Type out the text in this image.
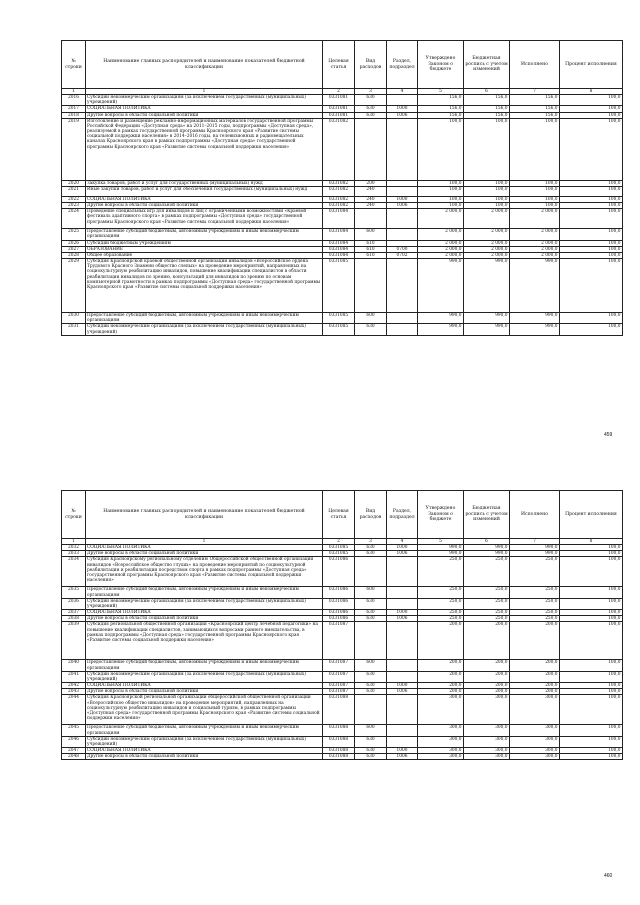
№ строки	Наименование главных распорядителей и наименование показателей бюджетной классификации	Целевая статья	Вид расходов	Раздел, подраздел	Утверждено Законом о бюджете	Бюджетная роспись с учетом изменений	Исполнено	Процент исполнения
1	1	2	3	4	5	6	7	8
2016	Субсидии некоммерческим организациям (за исключением государственных (муниципальных) учреждений)	0331081	630		156,0	156,0	156,0	100,0
2017	СОЦИАЛЬНАЯ ПОЛИТИКА	0331081	630	1000	156,0	156,0	156,0	100,0
2018	Другие вопросы в области социальной политики	0331081	630	1006	156,0	156,0	156,0	100,0
2019	Изготовление и размещение рекламно-информационных материалов государственной программы Российской Федерации «Доступная среда» на 2011–2015 годы, подпрограммы «Доступная среда», реализуемой в рамках государственной программы Красноярского края «Развитие системы социальной поддержки населения» в 2014–2016 годы, на телевизионных и радиовещательных каналах Красноярского края в рамках подпрограммы «Доступная среда» государственной программы Красноярского края «Развитие системы социальной поддержки населения»	0331082			100,0	100,0	100,0	100,0
2020	Закупка товаров, работ и услуг для государственных (муниципальных) нужд	0331082	200		100,0	100,0	100,0	100,0
2021	Иные закупки товаров, работ и услуг для обеспечения государственных (муниципальных) нужд	0331082	240		100,0	100,0	100,0	100,0
2022	СОЦИАЛЬНАЯ ПОЛИТИКА	0331082	240	1000	100,0	100,0	100,0	100,0
2023	Другие вопросы в области социальной политики	0331082	240	1006	100,0	100,0	100,0	100,0
2024	Проведение специальных игр для инвалидов и лиц с ограниченными возможностями «Краевой фестиваль адаптивного спорта» в рамках подпрограммы «Доступная среда» государственной программы Красноярского края «Развитие системы социальной поддержки населения»	0331084			2 000,0	2 000,0	2 000,0	100,0
2025	Предоставление субсидий бюджетным, автономным учреждениям и иным некоммерческим организациям	0331084	600		2 000,0	2 000,0	2 000,0	100,0
2026	Субсидии бюджетным учреждениям	0331084	610		2 000,0	2 000,0	2 000,0	100,0
2027	ОБРАЗОВАНИЕ	0331084	610	0700	2 000,0	2 000,0	2 000,0	100,0
2028	Общее образование	0331084	610	0702	2 000,0	2 000,0	2 000,0	100,0
2029	Субсидия Красноярской краевой общественной организации инвалидов «Всероссийское ордена Трудового Красного Знамени общество слепых» на проведение мероприятий, направленных на социокультурную реабилитацию инвалидов, повышение квалификации специалистов в области реабилитации инвалидов по зрению, консультаций для инвалидов по зрению по основам компьютерной грамотности в рамках подпрограммы «Доступная среда» государственной программы Красноярского края «Развитие системы социальной поддержки населения»	0331085			990,0	990,0	990,0	100,0
2030	Предоставление субсидий бюджетным, автономным учреждениям и иным некоммерческим организациям	0331085	600		990,0	990,0	990,0	100,0
2031	Субсидии некоммерческим организациям (за исключением государственных (муниципальных) учреждений)	0331085	630		990,0	990,0	990,0	100,0
459
№ строки	Наименование главных распорядителей и наименование показателей бюджетной классификации	Целевая статья	Вид расходов	Раздел, подраздел	Утверждено Законом о бюджете	Бюджетная роспись с учетом изменений	Исполнено	Процент исполнения
1	1	2	3	4	5	6	7	8
2032	СОЦИАЛЬНАЯ ПОЛИТИКА	0331085	630	1000	990,0	990,0	990,0	100,0
2033	Другие вопросы в области социальной политики	0331085	630	1006	990,0	990,0	990,0	100,0
2034	Субсидия Красноярскому региональному отделению Общероссийской общественной организации инвалидов «Всероссийское общество глухих» на проведение мероприятий по социокультурной реабилитации и реабилитации посредством спорта в рамках подпрограммы «Доступная среда» государственной программы Красноярского края «Развитие системы социальной поддержки населения»	0331086			250,0	250,0	250,0	100,0
2035	Предоставление субсидий бюджетным, автономным учреждениям и иным некоммерческим организациям	0331086	600		250,0	250,0	250,0	100,0
2036	Субсидии некоммерческим организациям (за исключением государственных (муниципальных) учреждений)	0331086	630		250,0	250,0	250,0	100,0
2037	СОЦИАЛЬНАЯ ПОЛИТИКА	0331086	630	1000	250,0	250,0	250,0	100,0
2038	Другие вопросы в области социальной политики	0331086	630	1006	250,0	250,0	250,0	100,0
2039	Субсидия региональной общественной организации «Красноярский центр лечебной педагогики» на повышение квалификации специалистов, занимающихся вопросами раннего вмешательства, в рамках подпрограммы «Доступная среда» государственной программы Красноярского края «Развитие системы социальной поддержки населения»	0331087			200,0	200,0	200,0	100,0
2040	Предоставление субсидий бюджетным, автономным учреждениям и иным некоммерческим организациям	0331087	600		200,0	200,0	200,0	100,0
2041	Субсидии некоммерческим организациям (за исключением государственных (муниципальных) учреждений)	0331087	630		200,0	200,0	200,0	100,0
2042	СОЦИАЛЬНАЯ ПОЛИТИКА	0331087	630	1000	200,0	200,0	200,0	100,0
2043	Другие вопросы в области социальной политики	0331087	630	1006	200,0	200,0	200,0	100,0
2044	Субсидия Красноярской региональной организации общероссийской общественной организации «Всероссийское общество инвалидов» на проведение мероприятий, направленных на социокультурную реабилитацию инвалидов и социальный туризм, в рамках подпрограммы «Доступная среда» государственной программы Красноярского края «Развитие системы социальной поддержки населения»	0331088			300,0	300,0	300,0	100,0
2045	Предоставление субсидий бюджетным, автономным учреждениям и иным некоммерческим организациям	0331088	600		300,0	300,0	300,0	100,0
2046	Субсидии некоммерческим организациям (за исключением государственных (муниципальных) учреждений)	0331088	630		300,0	300,0	300,0	100,0
2047	СОЦИАЛЬНАЯ ПОЛИТИКА	0331088	630	1000	300,0	300,0	300,0	100,0
2048	Другие вопросы в области социальной политики	0331088	630	1006	300,0	300,0	300,0	100,0
460
